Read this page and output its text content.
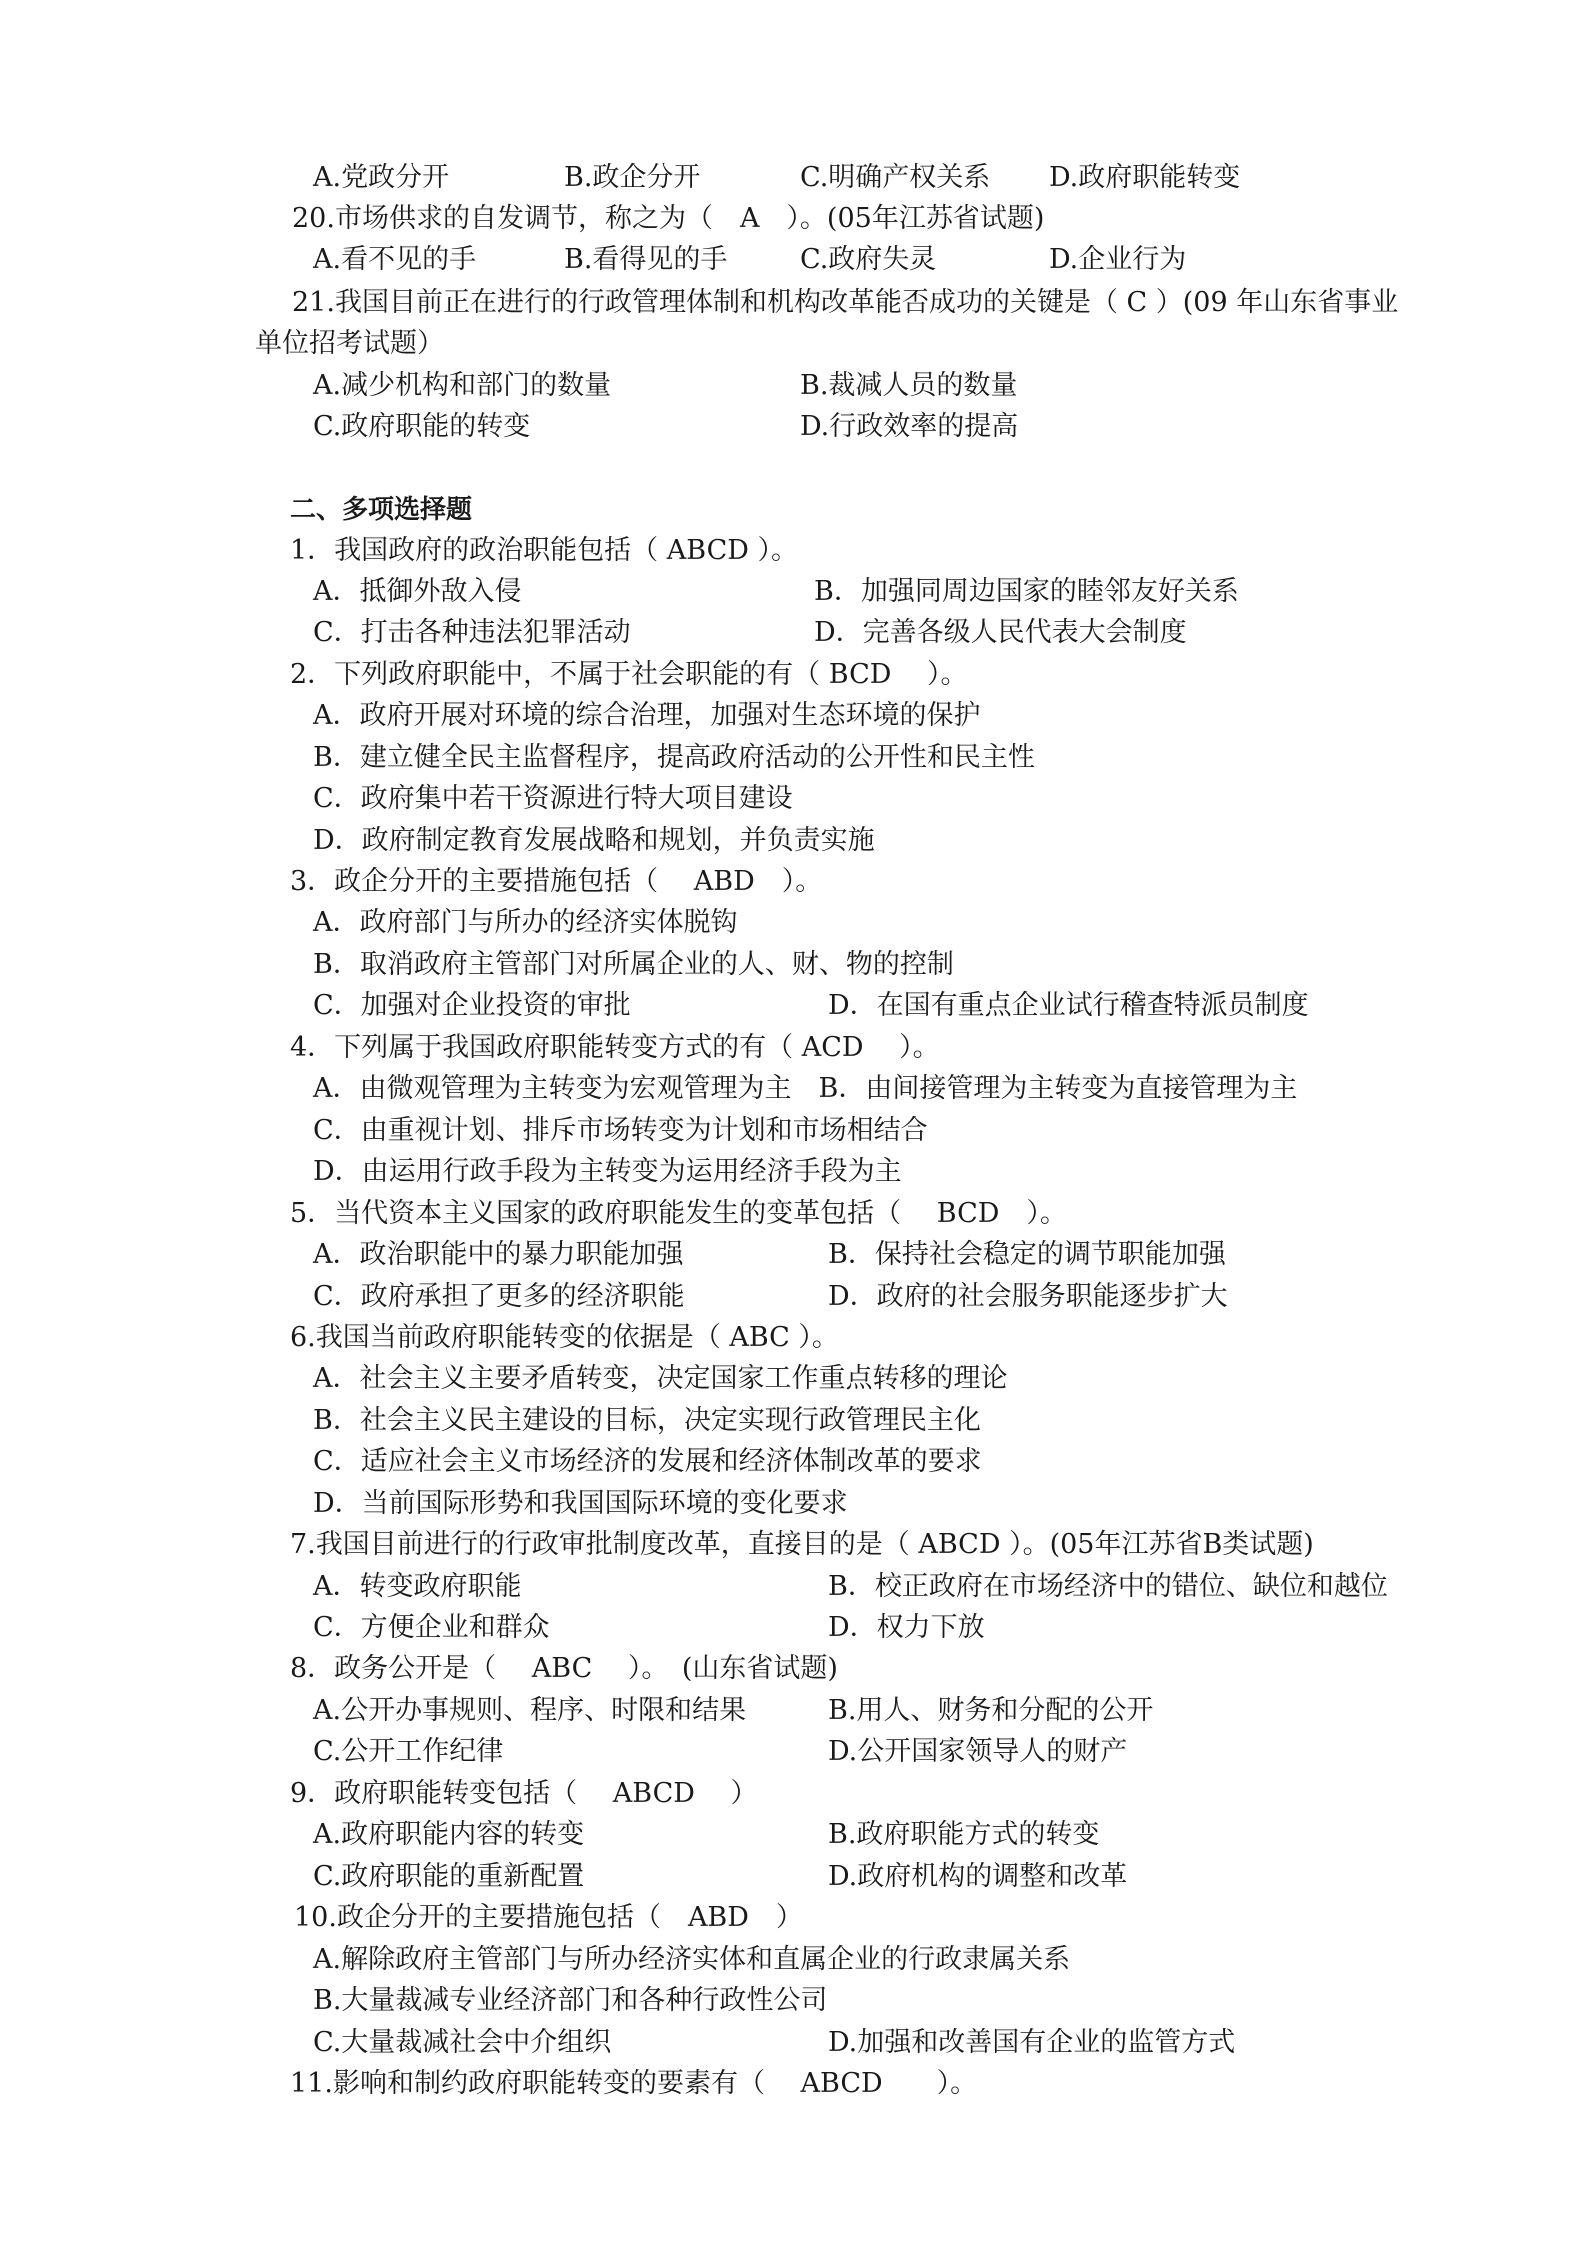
A.党政分开	B.政企分开	C.明确产权关系 D.政府职能转变
20.市场供求的自发调节，称之为（　A　）。(05年江苏省试题)
A.看不见的手	B.看得见的手	C.政府失灵	D.企业行为
21.我国目前正在进行的行政管理体制和机构改革能否成功的关键是（ C ）(09 年山东省事业
单位招考试题）
A.减少机构和部门的数量	B.裁减人员的数量
C.政府职能的转变	D.行政效率的提高
二、多项选择题
1．我国政府的政治职能包括（ ABCD ）。
A．抵御外敌入侵	B．加强同周边国家的睦邻友好关系
C．打击各种违法犯罪活动	D．完善各级人民代表大会制度
2．下列政府职能中，不属于社会职能的有（ BCD　 ）。
A．政府开展对环境的综合治理，加强对生态环境的保护
B．建立健全民主监督程序，提高政府活动的公开性和民主性
C．政府集中若干资源进行特大项目建设
D．政府制定教育发展战略和规划，并负责实施
3．政企分开的主要措施包括（　 ABD　）。
A．政府部门与所办的经济实体脱钩
B．取消政府主管部门对所属企业的人、财、物的控制
C．加强对企业投资的审批	D．在国有重点企业试行稽查特派员制度
4．下列属于我国政府职能转变方式的有（ ACD　 ）。
A．由微观管理为主转变为宏观管理为主　B．由间接管理为主转变为直接管理为主
C．由重视计划、排斥市场转变为计划和市场相结合
D．由运用行政手段为主转变为运用经济手段为主
5．当代资本主义国家的政府职能发生的变革包括（　 BCD　）。
A．政治职能中的暴力职能加强	B．保持社会稳定的调节职能加强
C．政府承担了更多的经济职能	D．政府的社会服务职能逐步扩大
6.我国当前政府职能转变的依据是（ ABC ）。
A．社会主义主要矛盾转变，决定国家工作重点转移的理论
B．社会主义民主建设的目标，决定实现行政管理民主化
C．适应社会主义市场经济的发展和经济体制改革的要求
D．当前国际形势和我国国际环境的变化要求
7.我国目前进行的行政审批制度改革，直接目的是（ ABCD ）。(05年江苏省B类试题)
A．转变政府职能	B．校正政府在市场经济中的错位、缺位和越位
C．方便企业和群众	D．权力下放
8．政务公开是（　 ABC　 ）。　(山东省试题)
A.公开办事规则、程序、时限和结果	B.用人、财务和分配的公开
C.公开工作纪律	D.公开国家领导人的财产
9．政府职能转变包括（　 ABCD　 ）
A.政府职能内容的转变	B.政府职能方式的转变
C.政府职能的重新配置	D.政府机构的调整和改革
10.政企分开的主要措施包括（　ABD　）
A.解除政府主管部门与所办经济实体和直属企业的行政隶属关系
B.大量裁减专业经济部门和各种行政性公司
C.大量裁减社会中介组织	D.加强和改善国有企业的监管方式
11.影响和制约政府职能转变的要素有（　 ABCD　　）。
